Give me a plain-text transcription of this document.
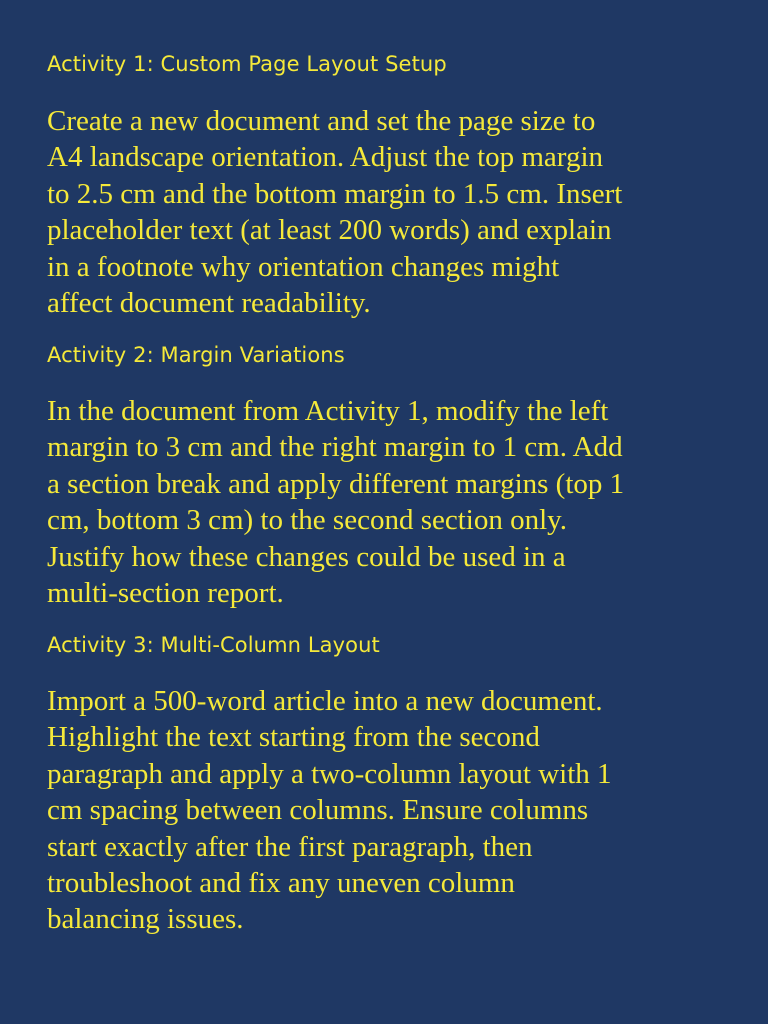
Activity 1: Custom Page Layout Setup

Create a new document and set the page size to
A4 landscape orientation. Adjust the top margin
to 2.5 cm and the bottom margin to 1.5 cm. Insert
placeholder text (at least 200 words) and explain
in a footnote why orientation changes might
affect document readability.

Activity 2: Margin Variations

In the document from Activity 1, modify the left
margin to 3 cm and the right margin to 1 cm. Add
a section break and apply different margins (top 1
cm, bottom 3 cm) to the second section only.
Justify how these changes could be used in a
multi-section report.

Activity 3: Multi-Column Layout

Import a 500-word article into a new document.
Highlight the text starting from the second
paragraph and apply a two-column layout with 1
cm spacing between columns. Ensure columns
start exactly after the first paragraph, then
troubleshoot and fix any uneven column
balancing issues.
